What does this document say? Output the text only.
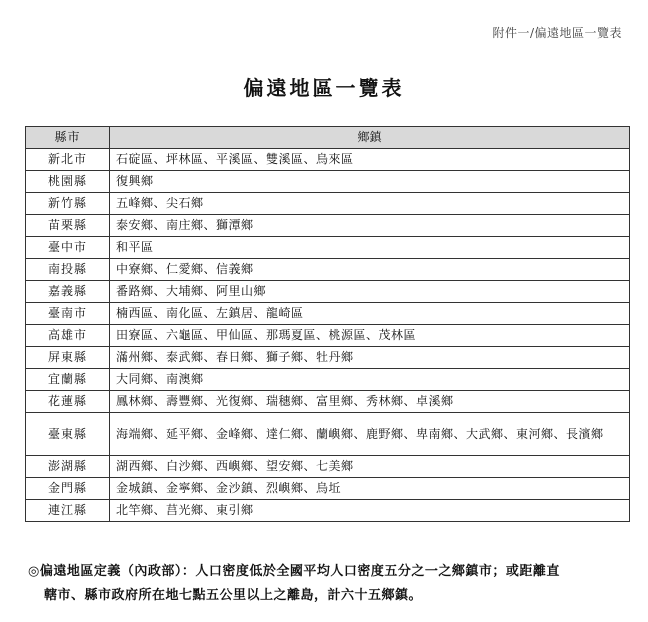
附件一/偏遠地區一覽表
偏遠地區一覽表
縣市	鄉鎮
新北市	石碇區、坪林區、平溪區、雙溪區、烏來區
桃園縣	復興鄉
新竹縣	五峰鄉、尖石鄉
苗栗縣	泰安鄉、南庄鄉、獅潭鄉
臺中市	和平區
南投縣	中寮鄉、仁愛鄉、信義鄉
嘉義縣	番路鄉、大埔鄉、阿里山鄉
臺南市	楠西區、南化區、左鎮居、龍崎區
高雄市	田寮區、六龜區、甲仙區、那瑪夏區、桃源區、茂林區
屏東縣	滿州鄉、泰武鄉、春日鄉、獅子鄉、牡丹鄉
宜蘭縣	大同鄉、南澳鄉
花蓮縣	鳳林鄉、壽豐鄉、光復鄉、瑞穗鄉、富里鄉、秀林鄉、卓溪鄉
臺東縣	海端鄉、延平鄉、金峰鄉、達仁鄉、蘭嶼鄉、鹿野鄉、卑南鄉、大武鄉、東河鄉、長濱鄉
澎湖縣	湖西鄉、白沙鄉、西嶼鄉、望安鄉、七美鄉
金門縣	金城鎮、金寧鄉、金沙鎮、烈嶼鄉、烏坵
連江縣	北竿鄉、莒光鄉、東引鄉
◎偏遠地區定義（內政部）：人口密度低於全國平均人口密度五分之一之鄉鎮市；或距離直
轄市、縣市政府所在地七點五公里以上之離島，計六十五鄉鎮。
